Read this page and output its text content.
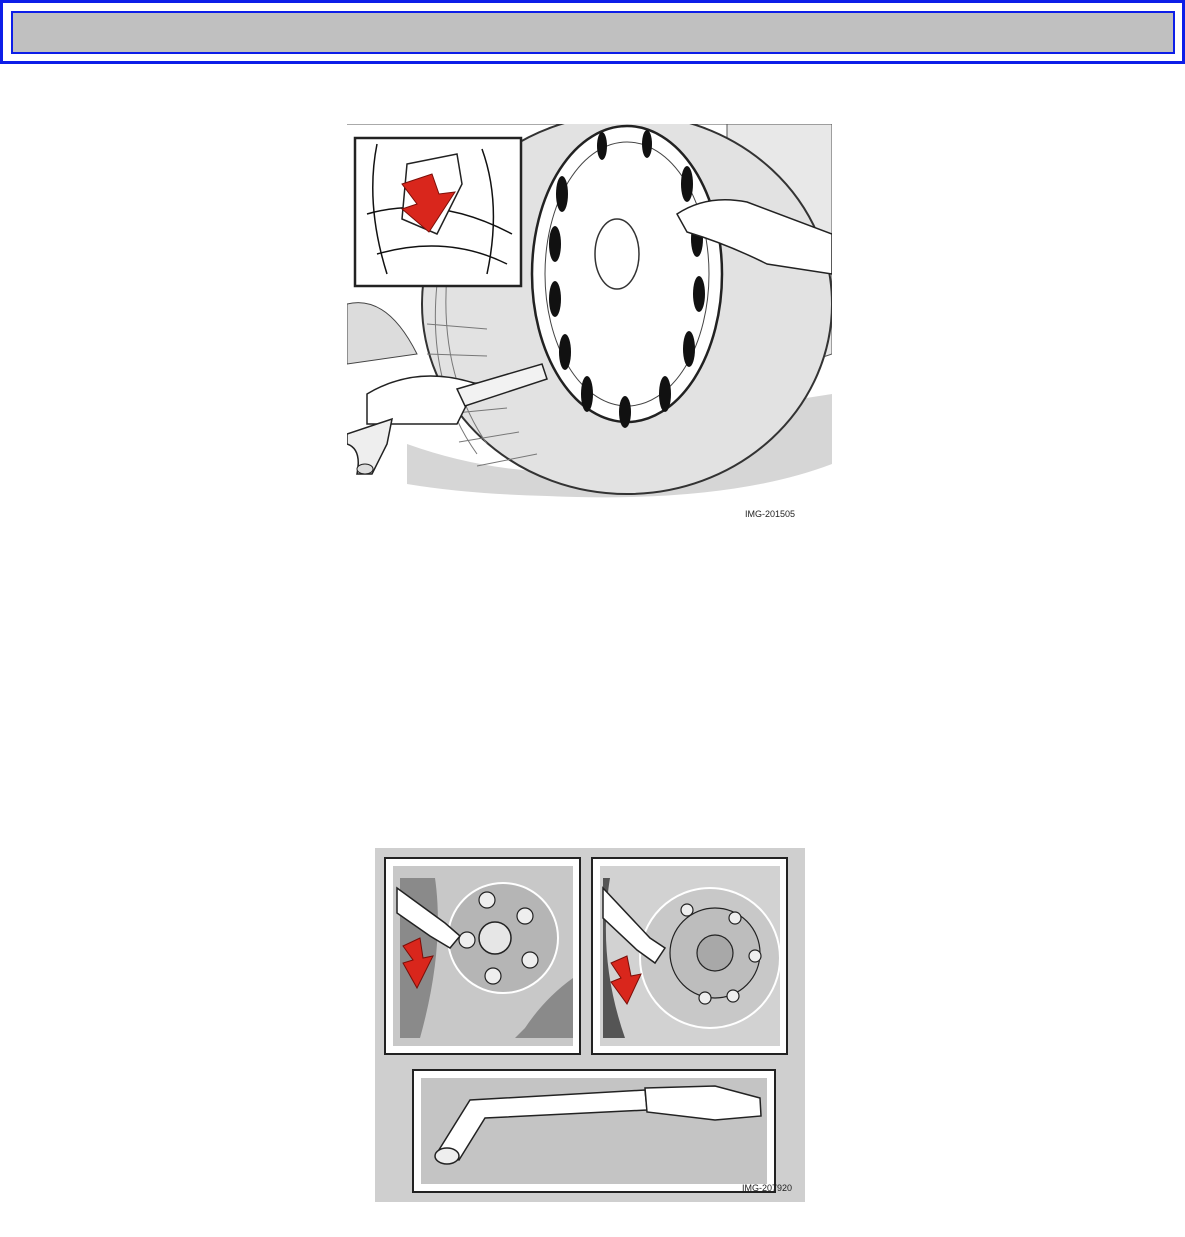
IMG-201505
IMG-207920
